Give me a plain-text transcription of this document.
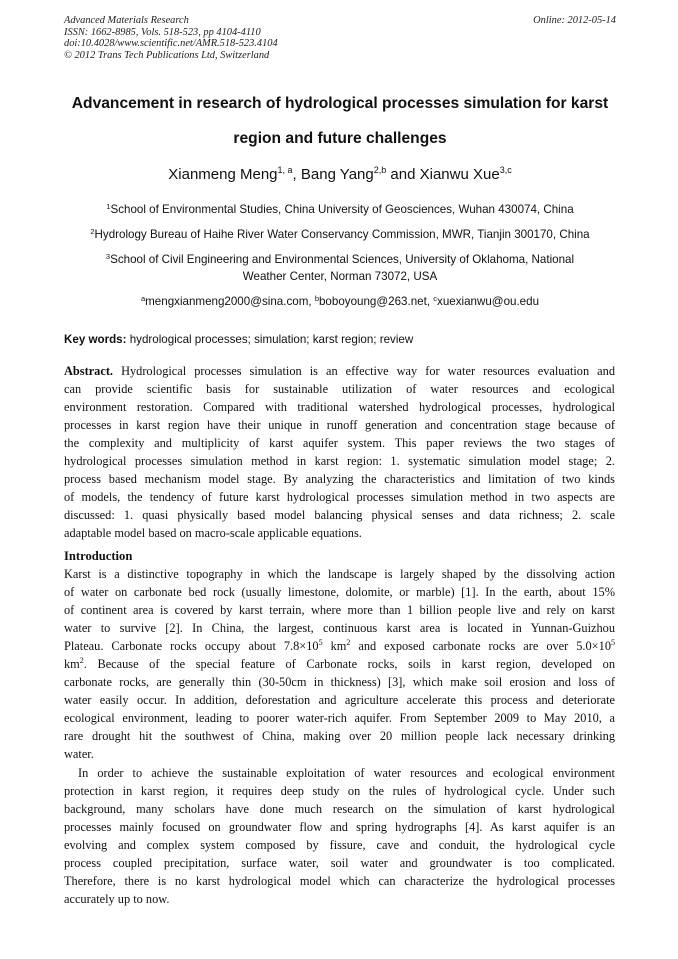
Advanced Materials Research
ISSN: 1662-8985, Vols. 518-523, pp 4104-4110
doi:10.4028/www.scientific.net/AMR.518-523.4104
© 2012 Trans Tech Publications Ltd, Switzerland
Online: 2012-05-14
Advancement in research of hydrological processes simulation for karst
region and future challenges
Xianmeng Meng$^{1, a}$, Bang Yang$^{2,b}$ and Xianwu Xue$^{3,c}$
$^1$School of Environmental Studies, China University of Geosciences, Wuhan 430074, China
$^2$Hydrology Bureau of Haihe River Water Conservancy Commission, MWR, Tianjin 300170, China
$^3$School of Civil Engineering and Environmental Sciences, University of Oklahoma, National
Weather Center, Norman 73072, USA
$^a$mengxianmeng2000@sina.com, $^b$boboyoung@263.net, $^c$xuexianwu@ou.edu
Key words: hydrological processes; simulation; karst region; review
Abstract. Hydrological processes simulation is an effective way for water resources evaluation and
can provide scientific basis for sustainable utilization of water resources and ecological
environment restoration. Compared with traditional watershed hydrological processes, hydrological
processes in karst region have their unique in runoff generation and concentration stage because of
the complexity and multiplicity of karst aquifer system. This paper reviews the two stages of
hydrological processes simulation method in karst region: 1. systematic simulation model stage; 2.
process based mechanism model stage. By analyzing the characteristics and limitation of two kinds
of models, the tendency of future karst hydrological processes simulation method in two aspects are
discussed: 1. quasi physically based model balancing physical senses and data richness; 2. scale
adaptable model based on macro-scale applicable equations.
Introduction
Karst is a distinctive topography in which the landscape is largely shaped by the dissolving action
of water on carbonate bed rock (usually limestone, dolomite, or marble) [1]. In the earth, about 15%
of continent area is covered by karst terrain, where more than 1 billion people live and rely on karst
water to survive [2]. In China, the largest, continuous karst area is located in Yunnan-Guizhou
Plateau. Carbonate rocks occupy about $7.8\times 10^5$ $km^2$ and exposed carbonate rocks are over $5.0\times 10^5$
$km^2$. Because of the special feature of Carbonate rocks, soils in karst region, developed on
carbonate rocks, are generally thin (30-50cm in thickness) [3], which make soil erosion and loss of
water easily occur. In addition, deforestation and agriculture accelerate this process and deteriorate
ecological environment, leading to poorer water-rich aquifer. From September 2009 to May 2010, a
rare drought hit the southwest of China, making over 20 million people lack necessary drinking
water.
In order to achieve the sustainable exploitation of water resources and ecological environment
protection in karst region, it requires deep study on the rules of hydrological cycle. Under such
background, many scholars have done much research on the simulation of karst hydrological
processes mainly focused on groundwater flow and spring hydrographs [4]. As karst aquifer is an
evolving and complex system composed by fissure, cave and conduit, the hydrological cycle
process coupled precipitation, surface water, soil water and groundwater is too complicated.
Therefore, there is no karst hydrological model which can characterize the hydrological processes
accurately up to now.
